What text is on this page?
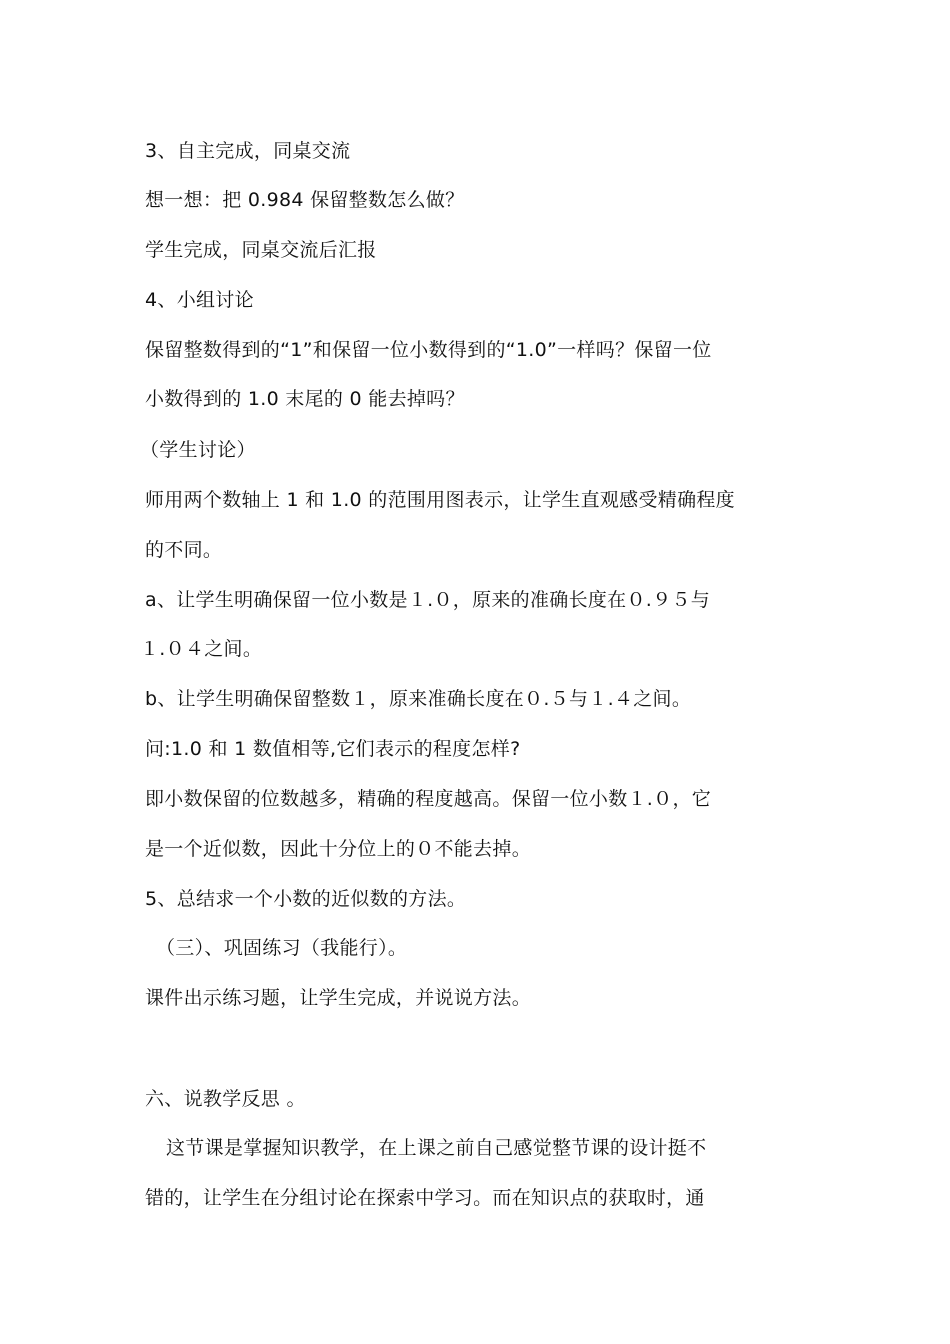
3、自主完成，同桌交流
想一想：把 0.984 保留整数怎么做？
学生完成，同桌交流后汇报
4、小组讨论
保留整数得到的“1”和保留一位小数得到的“1.0”一样吗？保留一位
小数得到的 1.0 末尾的 0 能去掉吗？
（学生讨论）
师用两个数轴上 1 和 1.0 的范围用图表示，让学生直观感受精确程度
的不同。
a、让学生明确保留一位小数是１.０，原来的准确长度在０.９５与
１.０４之间。
b、让学生明确保留整数１，原来准确长度在０.５与１.４之间。
问:1.0 和 1 数值相等,它们表示的程度怎样?
即小数保留的位数越多，精确的程度越高。保留一位小数１.０，它
是一个近似数，因此十分位上的０不能去掉。
5、总结求一个小数的近似数的方法。
（三）、巩固练习（我能行）。
课件出示练习题，让学生完成，并说说方法。
六、说教学反思 。
这节课是掌握知识教学，在上课之前自己感觉整节课的设计挺不
错的，让学生在分组讨论在探索中学习。而在知识点的获取时，通
